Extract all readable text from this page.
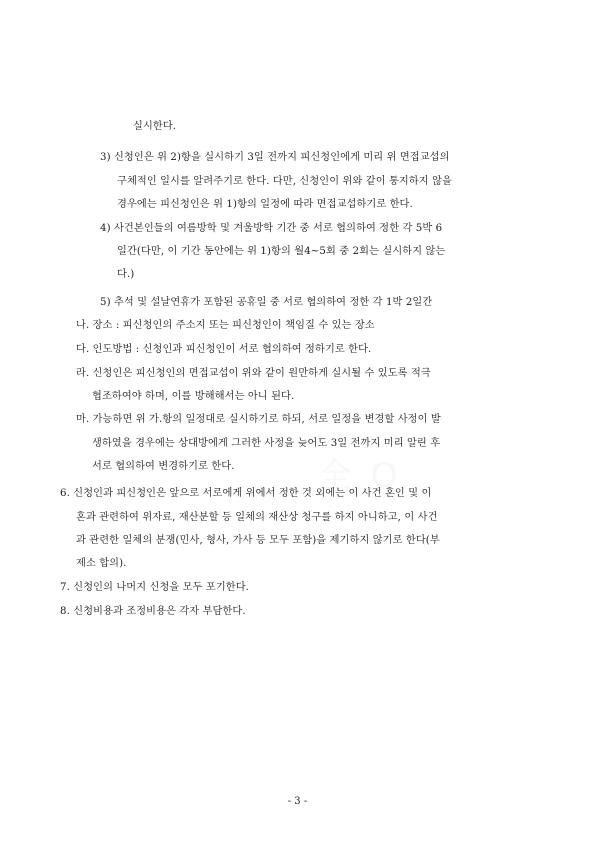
실시한다.
3) 신청인은 위 2)항을 실시하기 3일 전까지 피신청인에게 미리 위 면접교섭의
구체적인 일시를 알려주기로 한다. 다만, 신청인이 위와 같이 통지하지 않을
경우에는 피신청인은 위 1)항의 일정에 따라 면접교섭하기로 한다.
4) 사건본인들의 여름방학 및 겨울방학 기간 중 서로 협의하여 정한 각 5박 6
일간(다만, 이 기간 동안에는 위 1)항의 월4~5회 중 2회는 실시하지 않는
다.)
5) 추석 및 설날연휴가 포함된 공휴일 중 서로 협의하여 정한 각 1박 2일간
나. 장소 : 피신청인의 주소지 또는 피신청인이 책임질 수 있는 장소
다. 인도방법 : 신청인과 피신청인이 서로 협의하여 정하기로 한다.
라. 신청인은 피신청인의 면접교섭이 위와 같이 원만하게 실시될 수 있도록 적극
협조하여야 하며, 이를 방해해서는 아니 된다.
마. 가능하면 위 가.항의 일정대로 실시하기로 하되, 서로 일정을 변경할 사정이 발
생하였을 경우에는 상대방에게 그러한 사정을 늦어도 3일 전까지 미리 알린 후
서로 협의하여 변경하기로 한다.
6. 신청인과 피신청인은 앞으로 서로에게 위에서 정한 것 외에는 이 사건 혼인 및 이
혼과 관련하여 위자료, 재산분할 등 일체의 재산상 청구를 하지 아니하고, 이 사건
과 관련한 일체의 분쟁(민사, 형사, 가사 등 모두 포함)을 제기하지 않기로 한다(부
제소 합의).
7. 신청인의 나머지 신청을 모두 포기한다.
8. 신청비용과 조정비용은 각자 부담한다.
- 3 -
